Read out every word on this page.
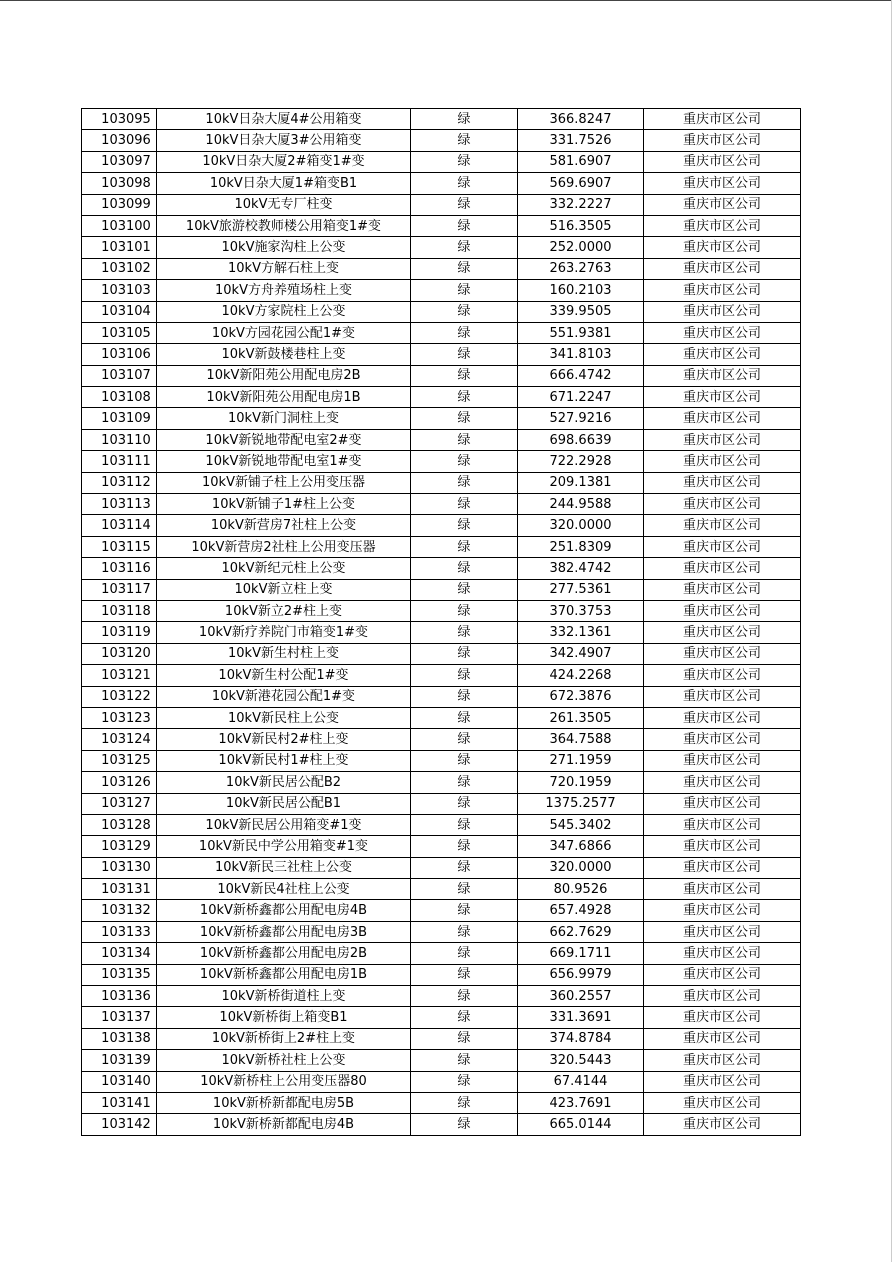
103095	10kV日杂大厦4#公用箱变	绿	366.8247	重庆市区公司
103096	10kV日杂大厦3#公用箱变	绿	331.7526	重庆市区公司
103097	10kV日杂大厦2#箱变1#变	绿	581.6907	重庆市区公司
103098	10kV日杂大厦1#箱变B1	绿	569.6907	重庆市区公司
103099	10kV无专厂柱变	绿	332.2227	重庆市区公司
103100	10kV旅游校教师楼公用箱变1#变	绿	516.3505	重庆市区公司
103101	10kV施家沟柱上公变	绿	252.0000	重庆市区公司
103102	10kV方解石柱上变	绿	263.2763	重庆市区公司
103103	10kV方舟养殖场柱上变	绿	160.2103	重庆市区公司
103104	10kV方家院柱上公变	绿	339.9505	重庆市区公司
103105	10kV方园花园公配1#变	绿	551.9381	重庆市区公司
103106	10kV新鼓楼巷柱上变	绿	341.8103	重庆市区公司
103107	10kV新阳苑公用配电房2B	绿	666.4742	重庆市区公司
103108	10kV新阳苑公用配电房1B	绿	671.2247	重庆市区公司
103109	10kV新门洞柱上变	绿	527.9216	重庆市区公司
103110	10kV新锐地带配电室2#变	绿	698.6639	重庆市区公司
103111	10kV新锐地带配电室1#变	绿	722.2928	重庆市区公司
103112	10kV新铺子柱上公用变压器	绿	209.1381	重庆市区公司
103113	10kV新铺子1#柱上公变	绿	244.9588	重庆市区公司
103114	10kV新营房7社柱上公变	绿	320.0000	重庆市区公司
103115	10kV新营房2社柱上公用变压器	绿	251.8309	重庆市区公司
103116	10kV新纪元柱上公变	绿	382.4742	重庆市区公司
103117	10kV新立柱上变	绿	277.5361	重庆市区公司
103118	10kV新立2#柱上变	绿	370.3753	重庆市区公司
103119	10kV新疗养院门市箱变1#变	绿	332.1361	重庆市区公司
103120	10kV新生村柱上变	绿	342.4907	重庆市区公司
103121	10kV新生村公配1#变	绿	424.2268	重庆市区公司
103122	10kV新港花园公配1#变	绿	672.3876	重庆市区公司
103123	10kV新民柱上公变	绿	261.3505	重庆市区公司
103124	10kV新民村2#柱上变	绿	364.7588	重庆市区公司
103125	10kV新民村1#柱上变	绿	271.1959	重庆市区公司
103126	10kV新民居公配B2	绿	720.1959	重庆市区公司
103127	10kV新民居公配B1	绿	1375.2577	重庆市区公司
103128	10kV新民居公用箱变#1变	绿	545.3402	重庆市区公司
103129	10kV新民中学公用箱变#1变	绿	347.6866	重庆市区公司
103130	10kV新民三社柱上公变	绿	320.0000	重庆市区公司
103131	10kV新民4社柱上公变	绿	80.9526	重庆市区公司
103132	10kV新桥鑫都公用配电房4B	绿	657.4928	重庆市区公司
103133	10kV新桥鑫都公用配电房3B	绿	662.7629	重庆市区公司
103134	10kV新桥鑫都公用配电房2B	绿	669.1711	重庆市区公司
103135	10kV新桥鑫都公用配电房1B	绿	656.9979	重庆市区公司
103136	10kV新桥街道柱上变	绿	360.2557	重庆市区公司
103137	10kV新桥街上箱变B1	绿	331.3691	重庆市区公司
103138	10kV新桥街上2#柱上变	绿	374.8784	重庆市区公司
103139	10kV新桥社柱上公变	绿	320.5443	重庆市区公司
103140	10kV新桥柱上公用变压器80	绿	67.4144	重庆市区公司
103141	10kV新桥新都配电房5B	绿	423.7691	重庆市区公司
103142	10kV新桥新都配电房4B	绿	665.0144	重庆市区公司
